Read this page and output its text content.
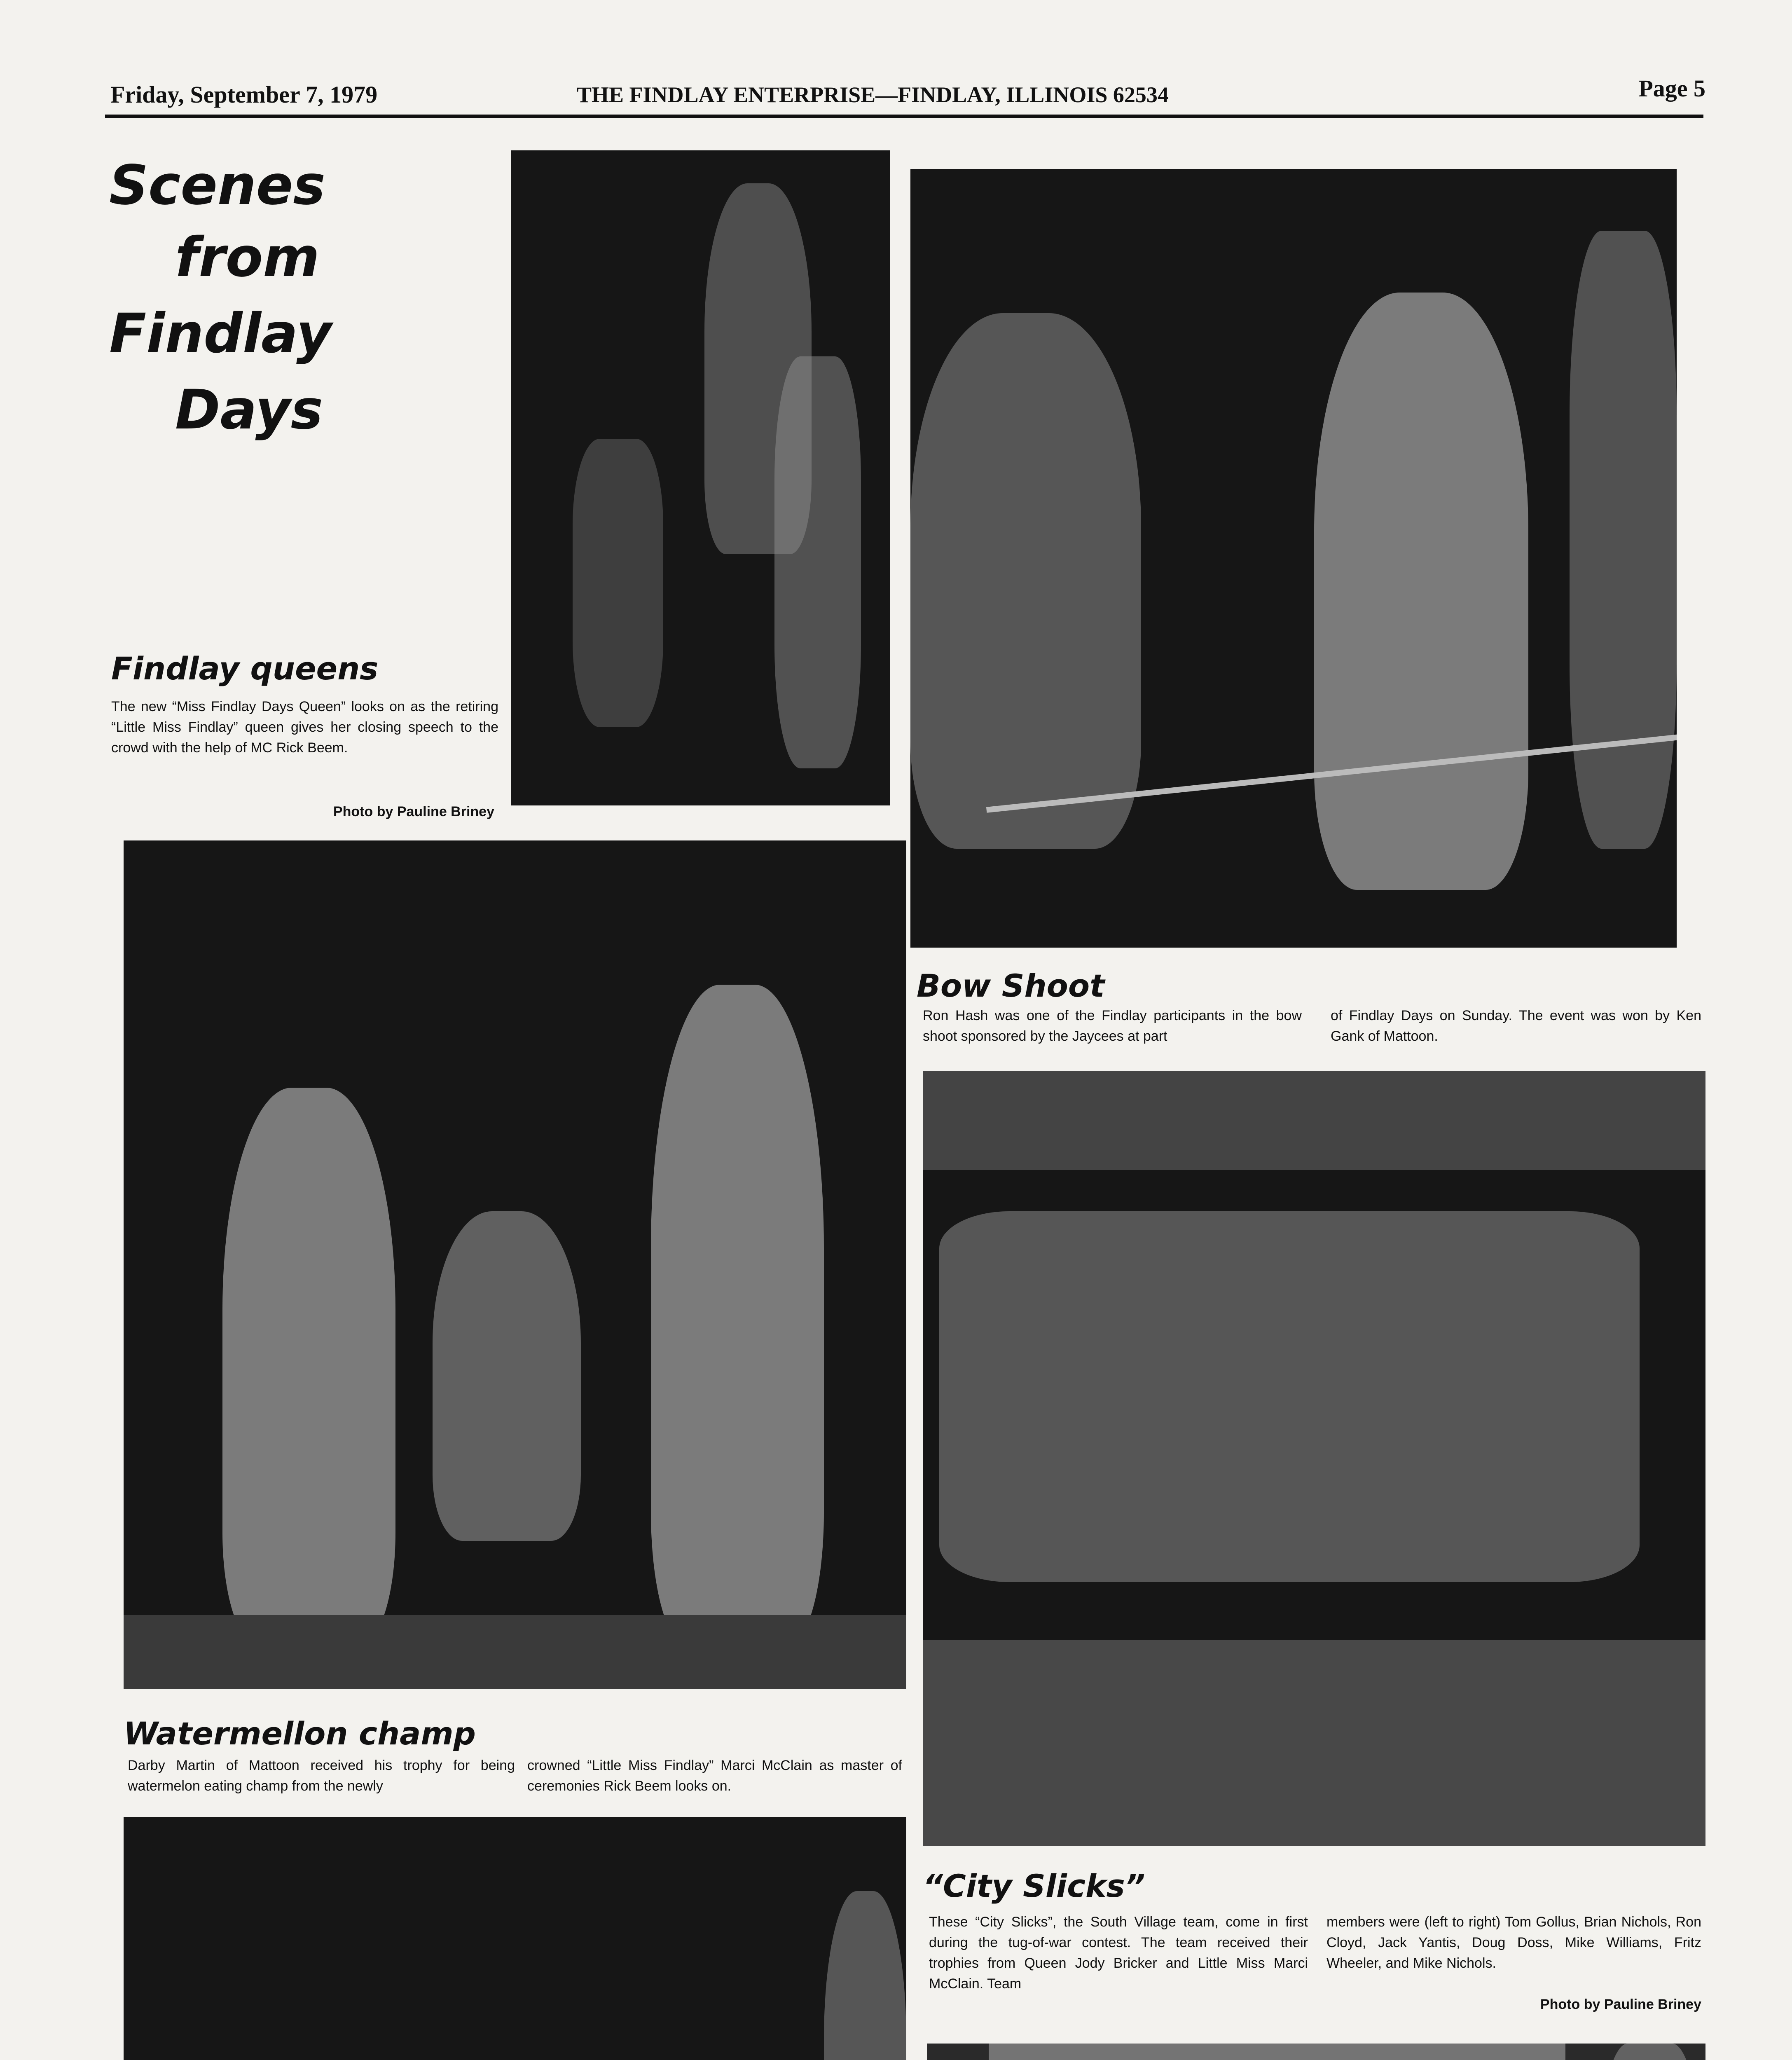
Friday, September 7, 1979	THE FINDLAY ENTERPRISE—FINDLAY, ILLINOIS 62534	Page 5
Scenes
from
Findlay
Days
Findlay queens
The new “Miss Findlay Days Queen” looks on as the retiring “Little Miss Findlay” queen gives her closing speech to the crowd with the help of MC Rick Beem.
Photo by Pauline Briney
Bow Shoot
Ron Hash was one of the Findlay participants in the bow shoot sponsored by the Jaycees at part
of Findlay Days on Sunday. The event was won by Ken Gank of Mattoon.
Watermellon champ
Darby Martin of Mattoon received his trophy for being watermelon eating champ from the newly
crowned “Little Miss Findlay” Marci McClain as master of ceremonies Rick Beem looks on.
“City Slicks”
These “City Slicks”, the South Village team, come in first during the tug-of-war contest. The team received their trophies from Queen Jody Bricker and Little Miss Marci McClain. Team
members were (left to right) Tom Gollus, Brian Nichols, Ron Cloyd, Jack Yantis, Doug Doss, Mike Williams, Fritz Wheeler, and Mike Nichols.
Photo by Pauline Briney
